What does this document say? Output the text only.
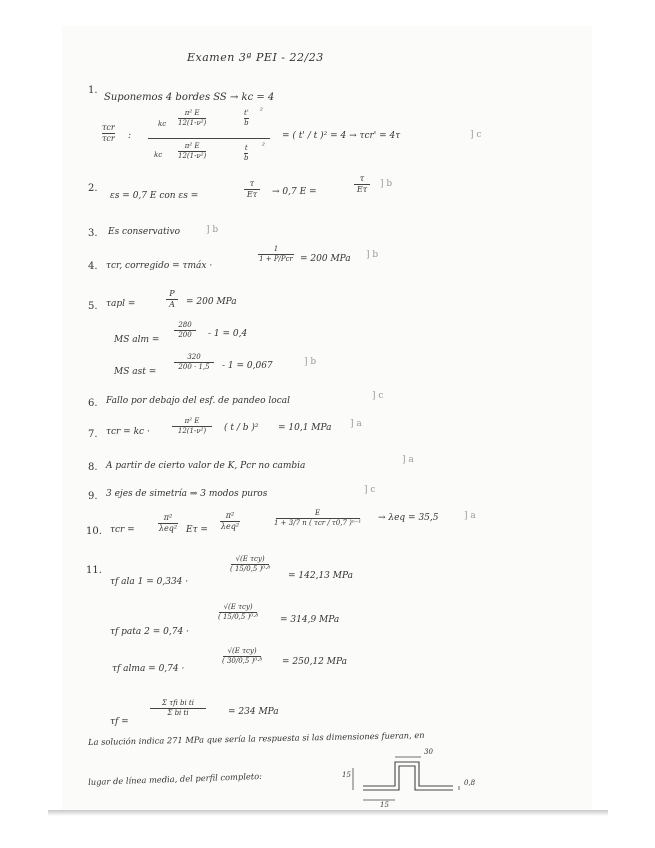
Examen 3ª PEI - 22/23
1.
Suponemos 4 bordes SS → kc = 4
τcr
τcr :
kc
π² E
12(1-ν²)
t'
b
²
kc
π² E
12(1-ν²)
t
b
²
= ( t' / t )² = 4 → τcr' = 4τ	] c
2.
εs = 0,7 E con εs =
τ
Eτ → 0,7 E =
τ
Eτ
] b
3. Es conservativo	] b
4. τcr, corregido = τmáx ·
1
1 + P/Pcr = 200 MPa ] b
5. τapl =
P
A = 200 MPa
MS alm =
280
200 - 1 = 0,4
MS ast =
320
200 · 1,5 - 1 = 0,067	] b
6. Fallo por debajo del esf. de pandeo local	] c
7. τcr = kc ·
π² E
12(1-ν²) ( t / b )² = 10,1 MPa ] a
8. A partir de cierto valor de K, Pcr no cambia
] a
9. 3 ejes de simetría ⇒ 3 modos puros	] c
10. τcr =
π²
λeq² Eτ =
π²
λeq²
E
1 + 3/7 n ( τcr / τ0,7 )ⁿ⁻¹ → λeq = 35,5	] a
11.
τf ala 1 = 0,334 ·
√(E τcy)
( 15/0,5 )⁰·⁸
= 142,13 MPa
τf pata 2 = 0,74 ·
√(E τcy)
( 15/0,5 )⁰·⁸ = 314,9 MPa
τf alma = 0,74 ·
√(E τcy)
( 30/0,5 )⁰·⁸ = 250,12 MPa
τf =
Σ τfi bi ti
Σ bi ti	= 234 MPa
La solución indica 271 MPa que sería la respuesta si las dimensiones fueran, en
lugar de línea media, del perfil completo:
30
15
0,8
15
